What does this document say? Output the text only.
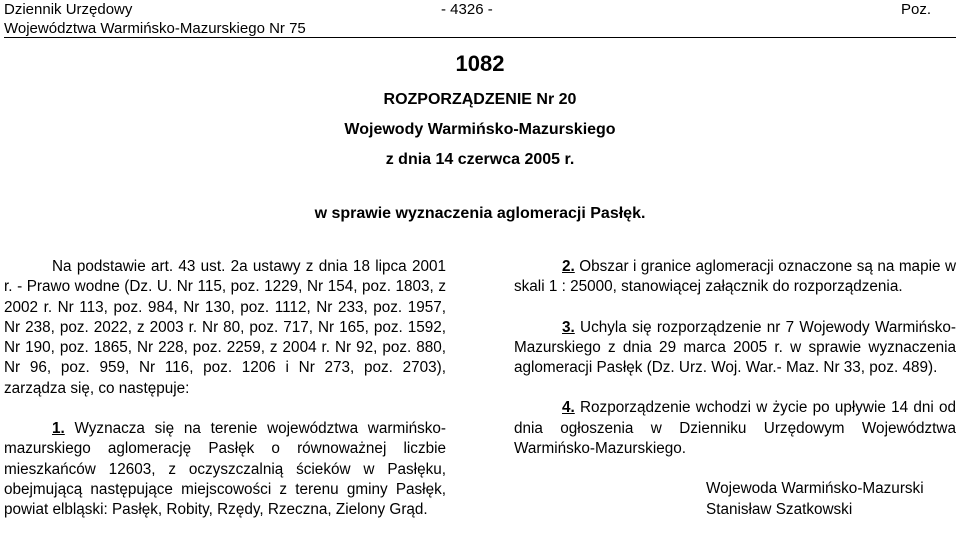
Dziennik Urzędowy
Województwa Warmińsko-Mazurskiego Nr 75
- 4326 -	Poz.
1082
ROZPORZĄDZENIE Nr 20
Wojewody Warmińsko-Mazurskiego
z dnia 14 czerwca 2005 r.
w sprawie wyznaczenia aglomeracji Pasłęk.

Na podstawie art. 43 ust. 2a ustawy z dnia 18 lipca 2001 r. - Prawo wodne (Dz. U. Nr 115, poz. 1229, Nr 154, poz. 1803, z 2002 r. Nr 113, poz. 984, Nr 130, poz. 1112, Nr 233, poz. 1957, Nr 238, poz. 2022, z 2003 r. Nr 80, poz. 717, Nr 165, poz. 1592, Nr 190, poz. 1865, Nr 228, poz. 2259, z 2004 r. Nr 92, poz. 880, Nr 96, poz. 959, Nr 116, poz. 1206 i Nr 273, poz. 2703), zarządza się, co następuje:

1. Wyznacza się na terenie województwa warmińsko-mazurskiego aglomerację Pasłęk o równoważnej liczbie mieszkańców 12603, z oczyszczalnią ścieków w Pasłęku, obejmującą następujące miejscowości z terenu gminy Pasłęk, powiat elbląski: Pasłęk, Robity, Rzędy, Rzeczna, Zielony Grąd.

2. Obszar i granice aglomeracji oznaczone są na mapie w skali 1 : 25000, stanowiącej załącznik do rozporządzenia.

3. Uchyla się rozporządzenie nr 7 Wojewody Warmińsko-Mazurskiego z dnia 29 marca 2005 r. w sprawie wyznaczenia aglomeracji Pasłęk (Dz. Urz. Woj. War.- Maz. Nr 33, poz. 489).

4. Rozporządzenie wchodzi w życie po upływie 14 dni od dnia ogłoszenia w Dzienniku Urzędowym Województwa Warmińsko-Mazurskiego.

Wojewoda Warmińsko-Mazurski
Stanisław Szatkowski
